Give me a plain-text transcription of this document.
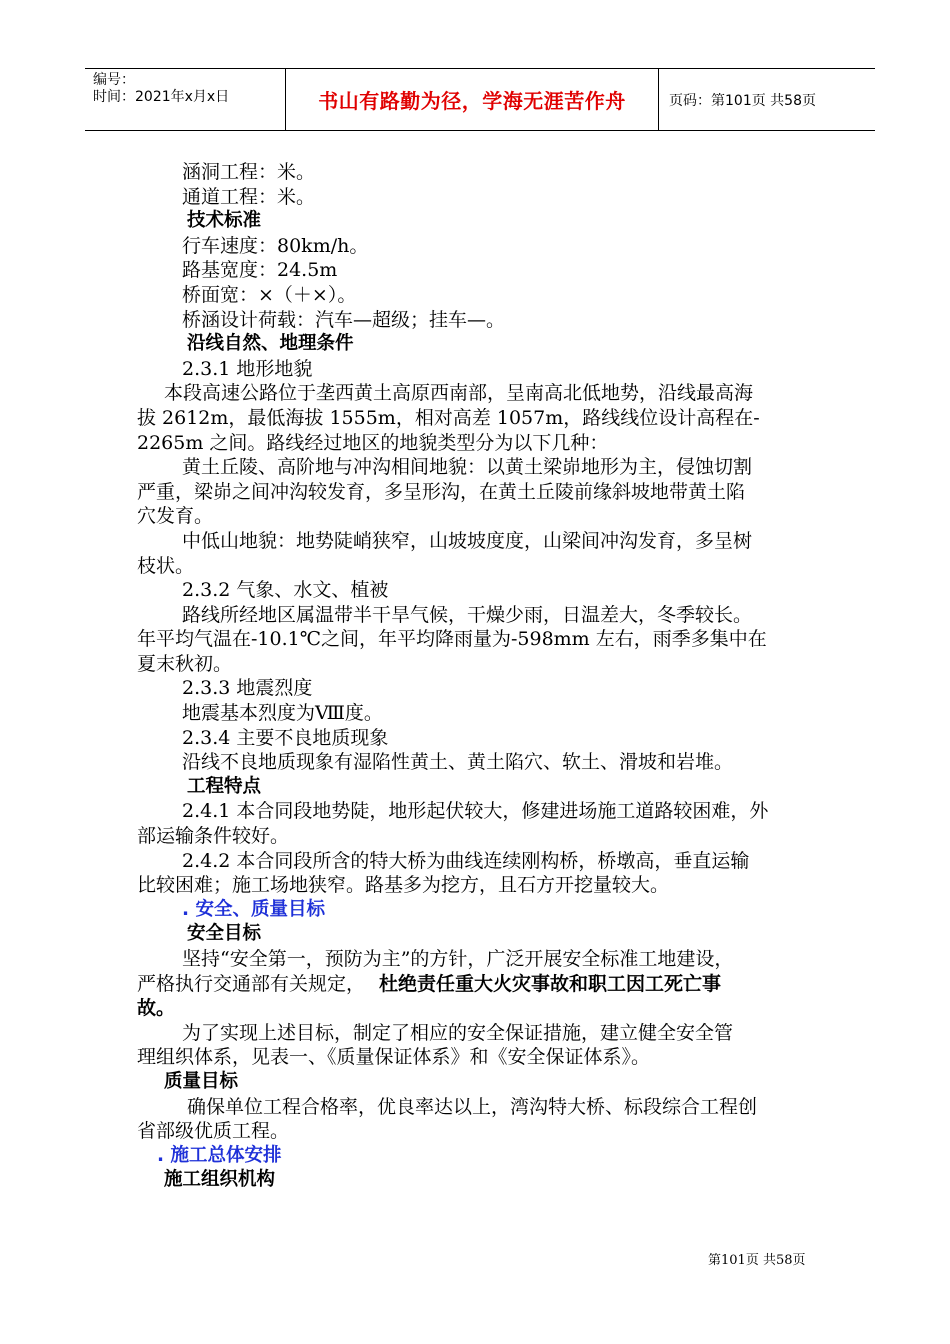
编号：
时间：2021年x月x日	书山有路勤为径，学海无涯苦作舟	页码：第101页 共58页
涵洞工程：米。
通道工程：米。
技术标准
行车速度：80km/h。
路基宽度：24.5m
桥面宽：×（＋×）。
桥涵设计荷载：汽车—超级；挂车—。
沿线自然、地理条件
2.3.1 地形地貌
本段高速公路位于垄西黄土高原西南部，呈南高北低地势，沿线最高海
拔 2612m，最低海拔 1555m，相对高差 1057m，路线线位设计高程在-
2265m 之间。路线经过地区的地貌类型分为以下几种：
黄土丘陵、高阶地与冲沟相间地貌：以黄土梁峁地形为主，侵蚀切割
严重，梁峁之间冲沟较发育，多呈形沟，在黄土丘陵前缘斜坡地带黄土陷
穴发育。
中低山地貌：地势陡峭狭窄，山坡坡度度，山梁间冲沟发育，多呈树
枝状。
2.3.2 气象、水文、植被
路线所经地区属温带半干旱气候，干燥少雨，日温差大，冬季较长。
年平均气温在-10.1℃之间，年平均降雨量为-598mm 左右，雨季多集中在
夏末秋初。
2.3.3 地震烈度
地震基本烈度为Ⅷ度。
2.3.4 主要不良地质现象
沿线不良地质现象有湿陷性黄土、黄土陷穴、软土、滑坡和岩堆。
工程特点
2.4.1 本合同段地势陡，地形起伏较大，修建进场施工道路较困难，外
部运输条件较好。
2.4.2 本合同段所含的特大桥为曲线连续刚构桥，桥墩高，垂直运输
比较困难；施工场地狭窄。路基多为挖方，且石方开挖量较大。
. 安全、质量目标
安全目标
坚持“安全第一，预防为主”的方针，广泛开展安全标准工地建设，
严格执行交通部有关规定， 杜绝责任重大火灾事故和职工因工死亡事
故。
为了实现上述目标，制定了相应的安全保证措施，建立健全安全管
理组织体系，见表一、《质量保证体系》和《安全保证体系》。
质量目标
确保单位工程合格率，优良率达以上，湾沟特大桥、标段综合工程创
省部级优质工程。
. 施工总体安排
施工组织机构
第101页 共58页
